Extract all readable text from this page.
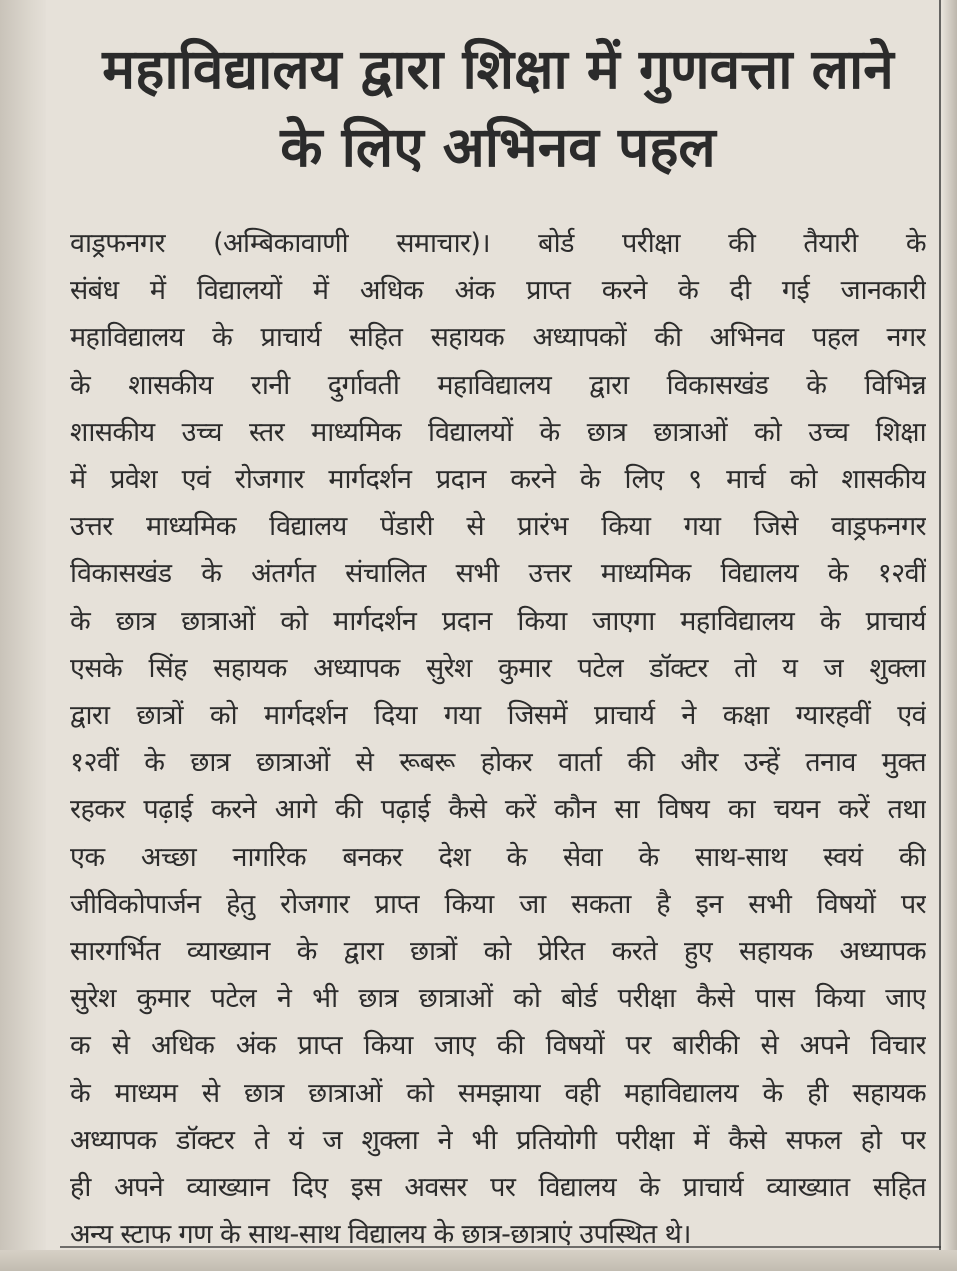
महाविद्यालय द्वारा शिक्षा में गुणवत्ता लाने
के लिए अभिनव पहल
वाड्रफनगर (अम्बिकावाणी समाचार)। बोर्ड परीक्षा की तैयारी के
संबंध में विद्यालयों में अधिक अंक प्राप्त करने के दी गई जानकारी
महाविद्यालय के प्राचार्य सहित सहायक अध्यापकों की अभिनव पहल नगर
के शासकीय रानी दुर्गावती महाविद्यालय द्वारा विकासखंड के विभिन्न
शासकीय उच्च स्तर माध्यमिक विद्यालयों के छात्र छात्राओं को उच्च शिक्षा
में प्रवेश एवं रोजगार मार्गदर्शन प्रदान करने के लिए ९ मार्च को शासकीय
उत्तर माध्यमिक विद्यालय पेंडारी से प्रारंभ किया गया जिसे वाड्रफनगर
विकासखंड के अंतर्गत संचालित सभी उत्तर माध्यमिक विद्यालय के १२वीं
के छात्र छात्राओं को मार्गदर्शन प्रदान किया जाएगा महाविद्यालय के प्राचार्य
एसके सिंह सहायक अध्यापक सुरेश कुमार पटेल डॉक्टर तो य ज शुक्ला
द्वारा छात्रों को मार्गदर्शन दिया गया जिसमें प्राचार्य ने कक्षा ग्यारहवीं एवं
१२वीं के छात्र छात्राओं से रूबरू होकर वार्ता की और उन्हें तनाव मुक्त
रहकर पढ़ाई करने आगे की पढ़ाई कैसे करें कौन सा विषय का चयन करें तथा
एक अच्छा नागरिक बनकर देश के सेवा के साथ-साथ स्वयं की
जीविकोपार्जन हेतु रोजगार प्राप्त किया जा सकता है इन सभी विषयों पर
सारगर्भित व्याख्यान के द्वारा छात्रों को प्रेरित करते हुए सहायक अध्यापक
सुरेश कुमार पटेल ने भी छात्र छात्राओं को बोर्ड परीक्षा कैसे पास किया जाए
क से अधिक अंक प्राप्त किया जाए की विषयों पर बारीकी से अपने विचार
के माध्यम से छात्र छात्राओं को समझाया वही महाविद्यालय के ही सहायक
अध्यापक डॉक्टर ते यं ज शुक्ला ने भी प्रतियोगी परीक्षा में कैसे सफल हो पर
ही अपने व्याख्यान दिए इस अवसर पर विद्यालय के प्राचार्य व्याख्यात सहित
अन्य स्टाफ गण के साथ-साथ विद्यालय के छात्र-छात्राएं उपस्थित थे।
